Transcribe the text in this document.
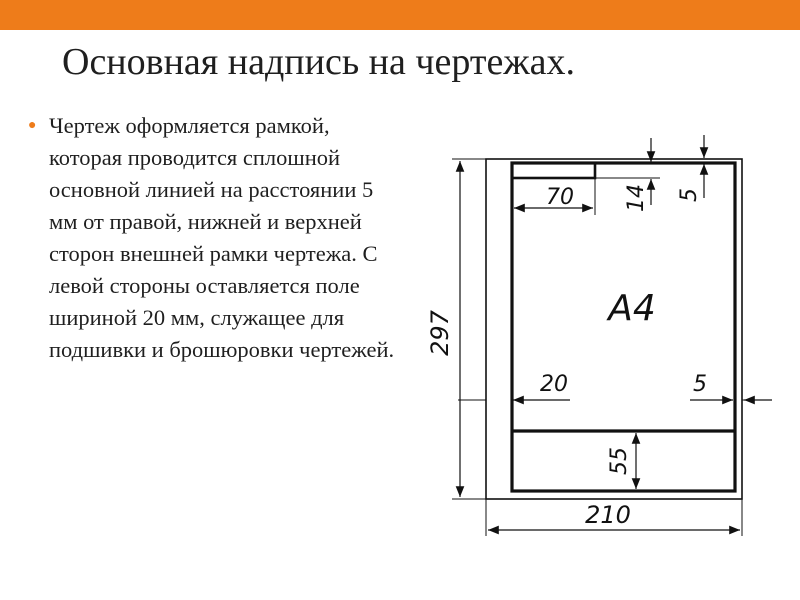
Основная надпись на чертежах.
● Чертеж оформляется рамкой, которая проводится сплошной основной линией на расстоянии 5 мм от правой, нижней и верхней сторон внешней рамки чертежа. С левой стороны оставляется поле шириной 20 мм, служащее для подшивки и брошюровки чертежей. 297
210
70 14 5
A4
20	5
55
